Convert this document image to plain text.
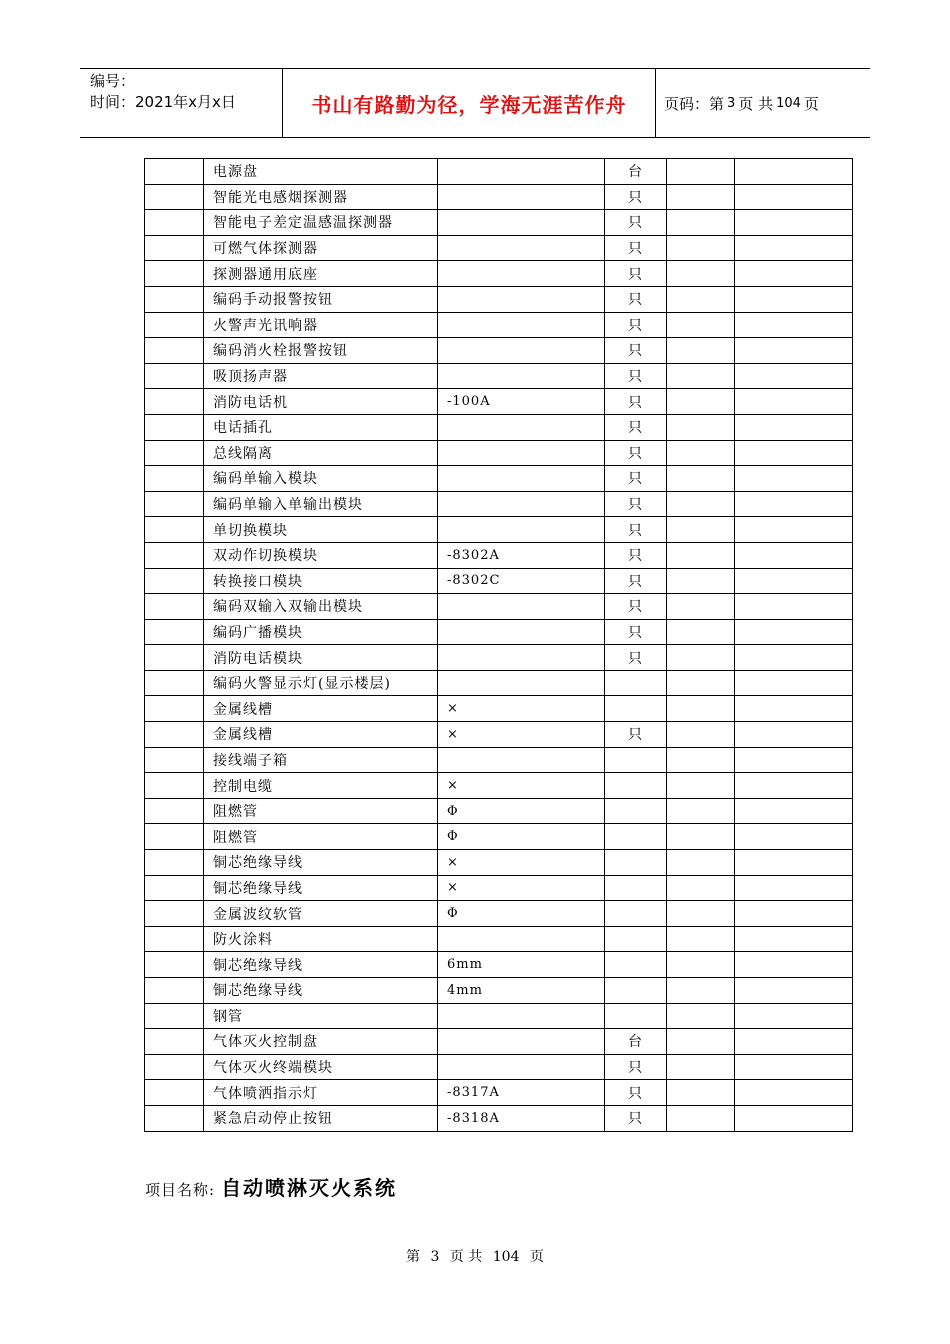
编号：
时间：2021年x月x日	书山有路勤为径，学海无涯苦作舟	页码：第 3 页 共 104 页
	电源盘		台		
	智能光电感烟探测器		只		
	智能电子差定温感温探测器		只		
	可燃气体探测器		只		
	探测器通用底座		只		
	编码手动报警按钮		只		
	火警声光讯响器		只		
	编码消火栓报警按钮		只		
	吸顶扬声器		只		
	消防电话机	-100A	只		
	电话插孔		只		
	总线隔离		只		
	编码单输入模块		只		
	编码单输入单输出模块		只		
	单切换模块		只		
	双动作切换模块	-8302A	只		
	转换接口模块	-8302C	只		
	编码双输入双输出模块		只		
	编码广播模块		只		
	消防电话模块		只		
	编码火警显示灯(显示楼层)				
	金属线槽	×			
	金属线槽	×	只		
	接线端子箱				
	控制电缆	×			
	阻燃管	Φ			
	阻燃管	Φ			
	铜芯绝缘导线	×			
	铜芯绝缘导线	×			
	金属波纹软管	Φ			
	防火涂料				
	铜芯绝缘导线	6mm			
	铜芯绝缘导线	4mm			
	钢管				
	气体灭火控制盘		台		
	气体灭火终端模块		只		
	气体喷洒指示灯	-8317A	只		
	紧急启动停止按钮	-8318A	只		
项目名称: 自动喷淋灭火系统
第 3 页 共 104 页
